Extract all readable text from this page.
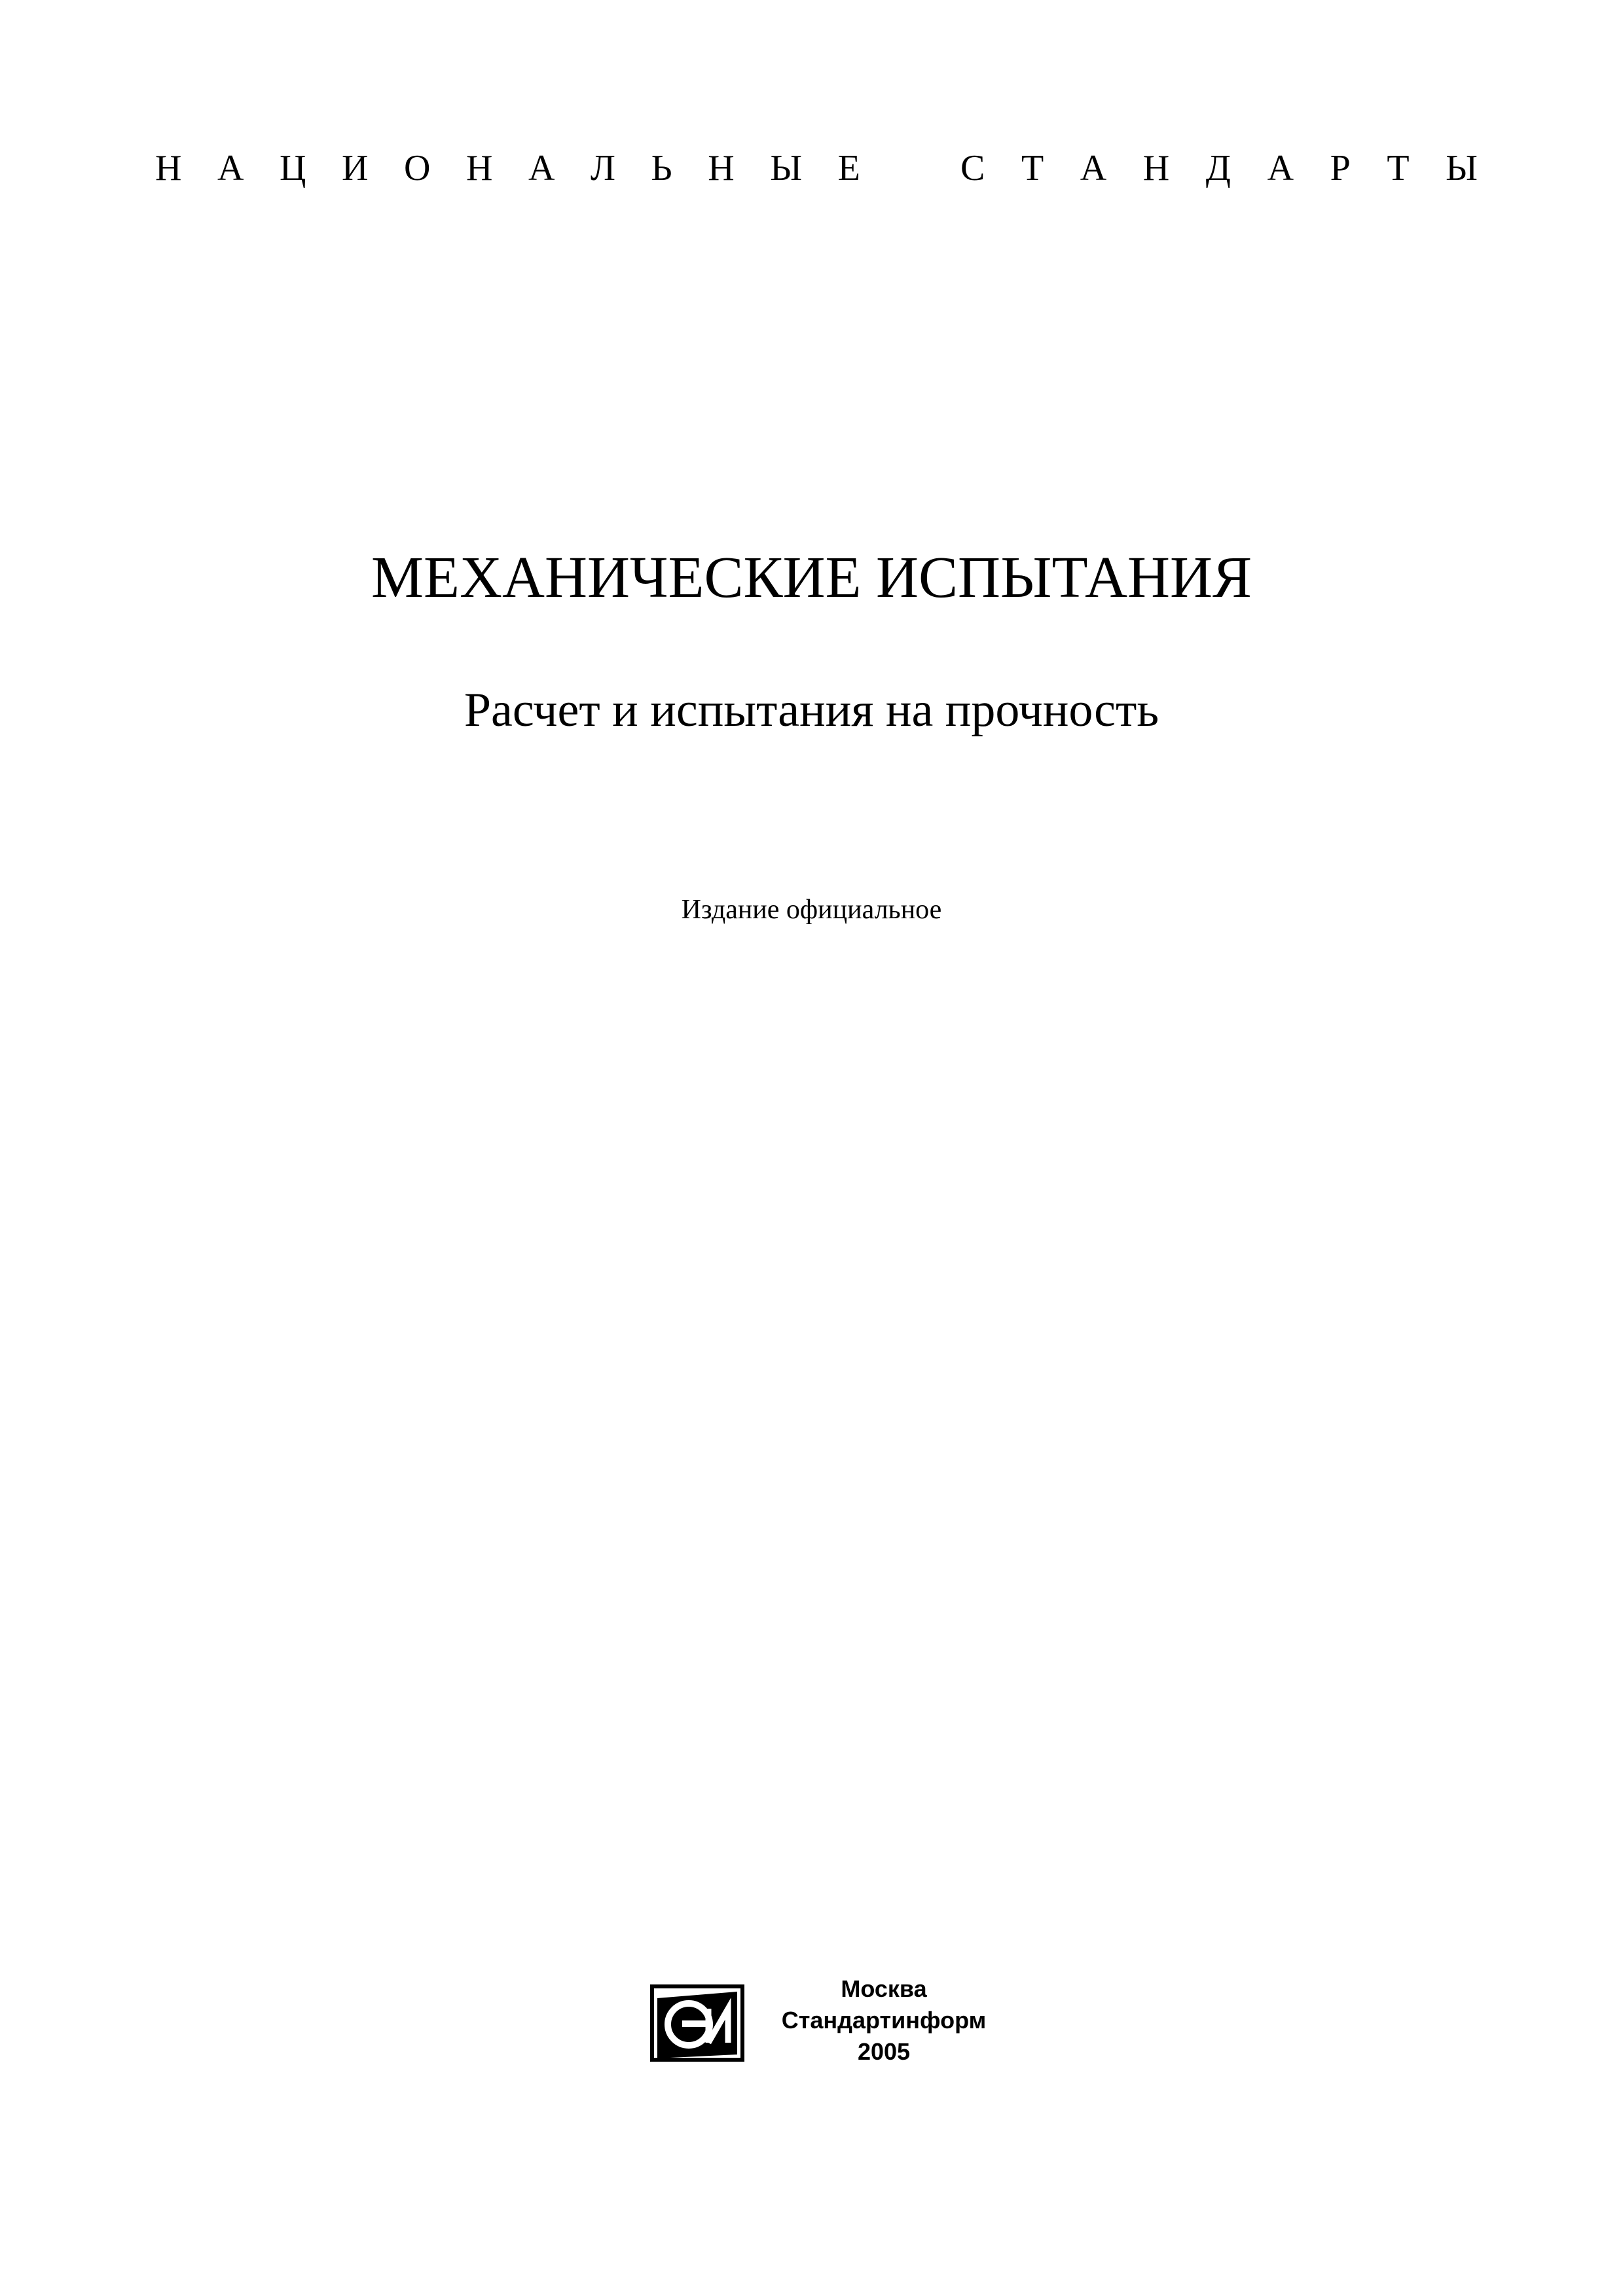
Н А Ц И О Н А Л Ь Н Ы Е	С Т А Н Д А Р Т Ы
МЕХАНИЧЕСКИЕ ИСПЫТАНИЯ
Расчет и испытания на прочность
Издание официальное
Москва
Стандартинформ
2005
